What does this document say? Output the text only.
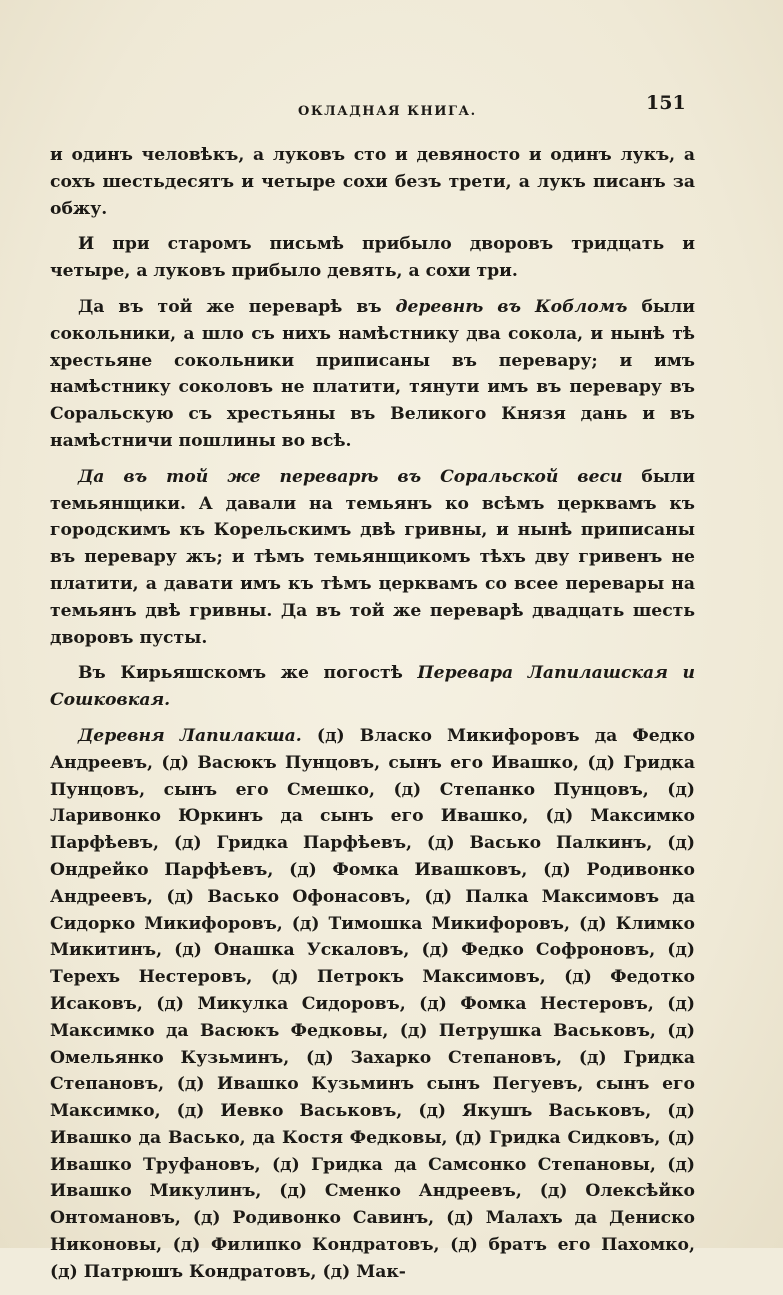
ОКЛАДНАЯ КНИГА.	151

и одинъ человѣкъ, а луковъ сто и девяносто и одинъ лукъ, а сохъ шестьдесятъ и четыре сохи безъ трети, а лукъ писанъ за обжу.

И при старомъ письмѣ прибыло дворовъ тридцать и четыре, а луковъ прибыло девять, а сохи три.

Да въ той же переварѣ въ деревнѣ въ Кобломъ были сокольники, а шло съ нихъ намѣстнику два сокола, и нынѣ тѣ хрестьяне сокольники приписаны въ перевару; и имъ намѣстнику соколовъ не платити, тянути имъ въ перевару въ Соральскую съ хрестьяны въ Великого Князя дань и въ намѣстничи пошлины во всѣ.

Да въ той же переварѣ въ Соральской веси были темьянщики. А давали на темьянъ ко всѣмъ церквамъ къ городскимъ къ Корельскимъ двѣ гривны, и нынѣ приписаны въ перевару жъ; и тѣмъ темьянщикомъ тѣхъ дву гривенъ не платити, а давати имъ къ тѣмъ церквамъ со всее перевары на темьянъ двѣ гривны. Да въ той же переварѣ двадцать шесть дворовъ пусты.

Въ Кирьяшскомъ же погостѣ Перевара Лапилашская и Сошковкая.

Деревня Лапилакша. (д) Власко Микифоровъ да Федко Андреевъ, (д) Васюкъ Пунцовъ, сынъ его Ивашко, (д) Гридка Пунцовъ, сынъ его Смешко, (д) Степанко Пунцовъ, (д) Ларивонко Юркинъ да сынъ его Ивашко, (д) Максимко Парфѣевъ, (д) Гридка Парфѣевъ, (д) Васько Палкинъ, (д) Ондрейко Парфѣевъ, (д) Фомка Ивашковъ, (д) Родивонко Андреевъ, (д) Васько Офонасовъ, (д) Палка Максимовъ да Сидорко Микифоровъ, (д) Тимошка Микифоровъ, (д) Климко Микитинъ, (д) Онашка Ускаловъ, (д) Федко Софроновъ, (д) Терехъ Нестеровъ, (д) Петрокъ Максимовъ, (д) Федотко Исаковъ, (д) Микулка Сидоровъ, (д) Фомка Нестеровъ, (д) Максимко да Васюкъ Федковы, (д) Петрушка Васьковъ, (д) Омельянко Кузьминъ, (д) Захарко Степановъ, (д) Гридка Степановъ, (д) Ивашко Кузьминъ сынъ Пегуевъ, сынъ его Максимко, (д) Иевко Васьковъ, (д) Якушъ Васьковъ, (д) Ивашко да Васько, да Костя Федковы, (д) Гридка Сидковъ, (д) Ивашко Труфановъ, (д) Гридка да Самсонко Степановы, (д) Ивашко Микулинъ, (д) Сменко Андреевъ, (д) Олексѣйко Онтомановъ, (д) Родивонко Савинъ, (д) Малахъ да Дениско Никоновы, (д) Филипко Кондратовъ, (д) братъ его Пахомко, (д) Патрюшъ Кондратовъ, (д) Мак-
